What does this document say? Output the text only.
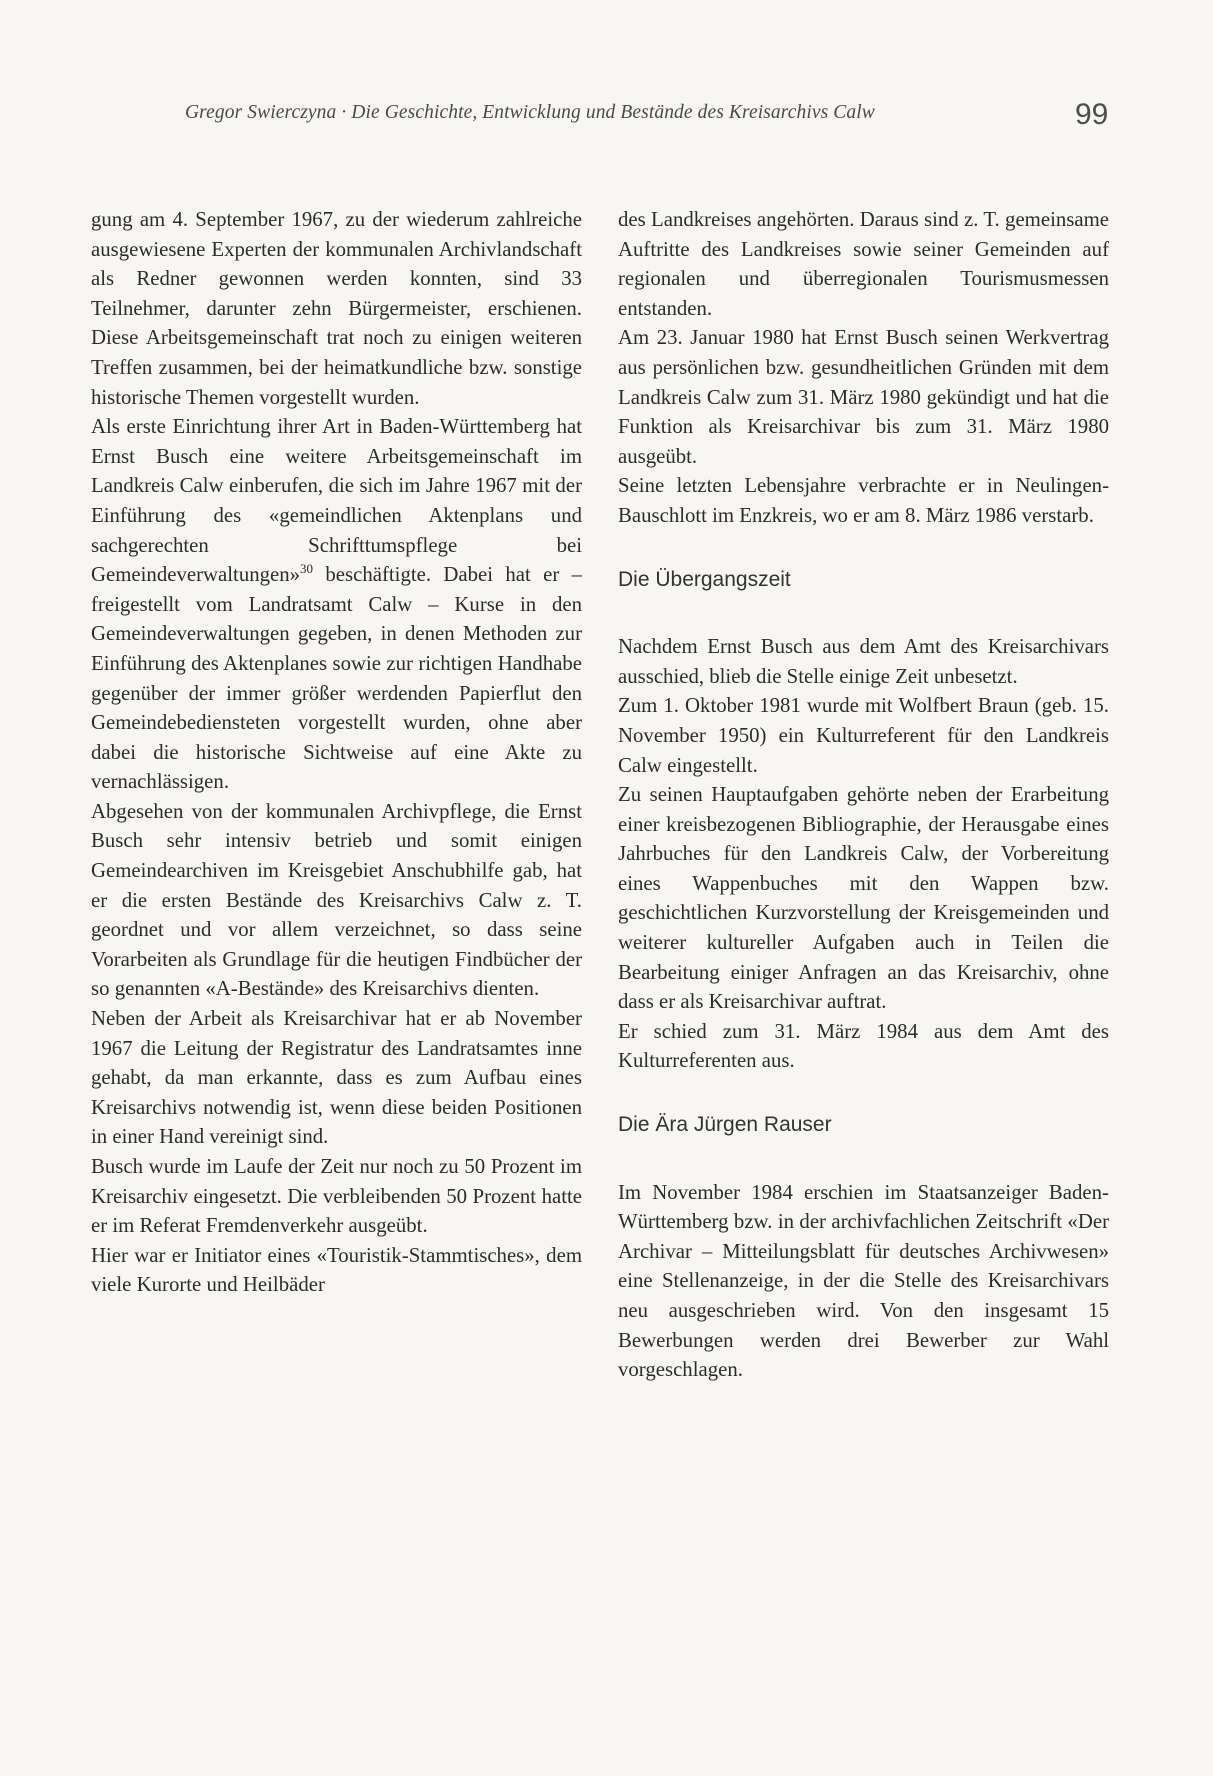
Gregor Swierczyna · Die Geschichte, Entwicklung und Bestände des Kreisarchivs Calw	99

gung am 4. September 1967, zu der wiederum zahlreiche ausgewiesene Experten der kommunalen Archivlandschaft als Redner gewonnen werden konnten, sind 33 Teilnehmer, darunter zehn Bürgermeister, erschienen. Diese Arbeitsgemeinschaft trat noch zu einigen weiteren Treffen zusammen, bei der heimatkundliche bzw. sonstige historische Themen vorgestellt wurden.

Als erste Einrichtung ihrer Art in Baden-Württemberg hat Ernst Busch eine weitere Arbeitsgemeinschaft im Landkreis Calw einberufen, die sich im Jahre 1967 mit der Einführung des «gemeindlichen Aktenplans und sachgerechten Schrifttumspflege bei Gemeindeverwaltungen»$^{30}$ beschäftigte. Dabei hat er – freigestellt vom Landratsamt Calw – Kurse in den Gemeindeverwaltungen gegeben, in denen Methoden zur Einführung des Aktenplanes sowie zur richtigen Handhabe gegenüber der immer größer werdenden Papierflut den Gemeindebediensteten vorgestellt wurden, ohne aber dabei die historische Sichtweise auf eine Akte zu vernachlässigen.

Abgesehen von der kommunalen Archivpflege, die Ernst Busch sehr intensiv betrieb und somit einigen Gemeindearchiven im Kreisgebiet Anschubhilfe gab, hat er die ersten Bestände des Kreisarchivs Calw z. T. geordnet und vor allem verzeichnet, so dass seine Vorarbeiten als Grundlage für die heutigen Findbücher der so genannten «A-Bestände» des Kreisarchivs dienten.

Neben der Arbeit als Kreisarchivar hat er ab November 1967 die Leitung der Registratur des Landratsamtes inne gehabt, da man erkannte, dass es zum Aufbau eines Kreisarchivs notwendig ist, wenn diese beiden Positionen in einer Hand vereinigt sind.

Busch wurde im Laufe der Zeit nur noch zu 50 Prozent im Kreisarchiv eingesetzt. Die verbleibenden 50 Prozent hatte er im Referat Fremdenverkehr ausgeübt.

Hier war er Initiator eines «Touristik-Stammtisches», dem viele Kurorte und Heilbäder

des Landkreises angehörten. Daraus sind z. T. gemeinsame Auftritte des Landkreises sowie seiner Gemeinden auf regionalen und überregionalen Tourismusmessen entstanden.

Am 23. Januar 1980 hat Ernst Busch seinen Werkvertrag aus persönlichen bzw. gesundheitlichen Gründen mit dem Landkreis Calw zum 31. März 1980 gekündigt und hat die Funktion als Kreisarchivar bis zum 31. März 1980 ausgeübt.

Seine letzten Lebensjahre verbrachte er in Neulingen-Bauschlott im Enzkreis, wo er am 8. März 1986 verstarb.

Die Übergangszeit

Nachdem Ernst Busch aus dem Amt des Kreisarchivars ausschied, blieb die Stelle einige Zeit unbesetzt.

Zum 1. Oktober 1981 wurde mit Wolfbert Braun (geb. 15. November 1950) ein Kulturreferent für den Landkreis Calw eingestellt.

Zu seinen Hauptaufgaben gehörte neben der Erarbeitung einer kreisbezogenen Bibliographie, der Herausgabe eines Jahrbuches für den Landkreis Calw, der Vorbereitung eines Wappenbuches mit den Wappen bzw. geschichtlichen Kurzvorstellung der Kreisgemeinden und weiterer kultureller Aufgaben auch in Teilen die Bearbeitung einiger Anfragen an das Kreisarchiv, ohne dass er als Kreisarchivar auftrat.

Er schied zum 31. März 1984 aus dem Amt des Kulturreferenten aus.

Die Ära Jürgen Rauser

Im November 1984 erschien im Staatsanzeiger Baden-Württemberg bzw. in der archivfachlichen Zeitschrift «Der Archivar – Mitteilungsblatt für deutsches Archivwesen» eine Stellenanzeige, in der die Stelle des Kreisarchivars neu ausgeschrieben wird. Von den insgesamt 15 Bewerbungen werden drei Bewerber zur Wahl vorgeschlagen.
